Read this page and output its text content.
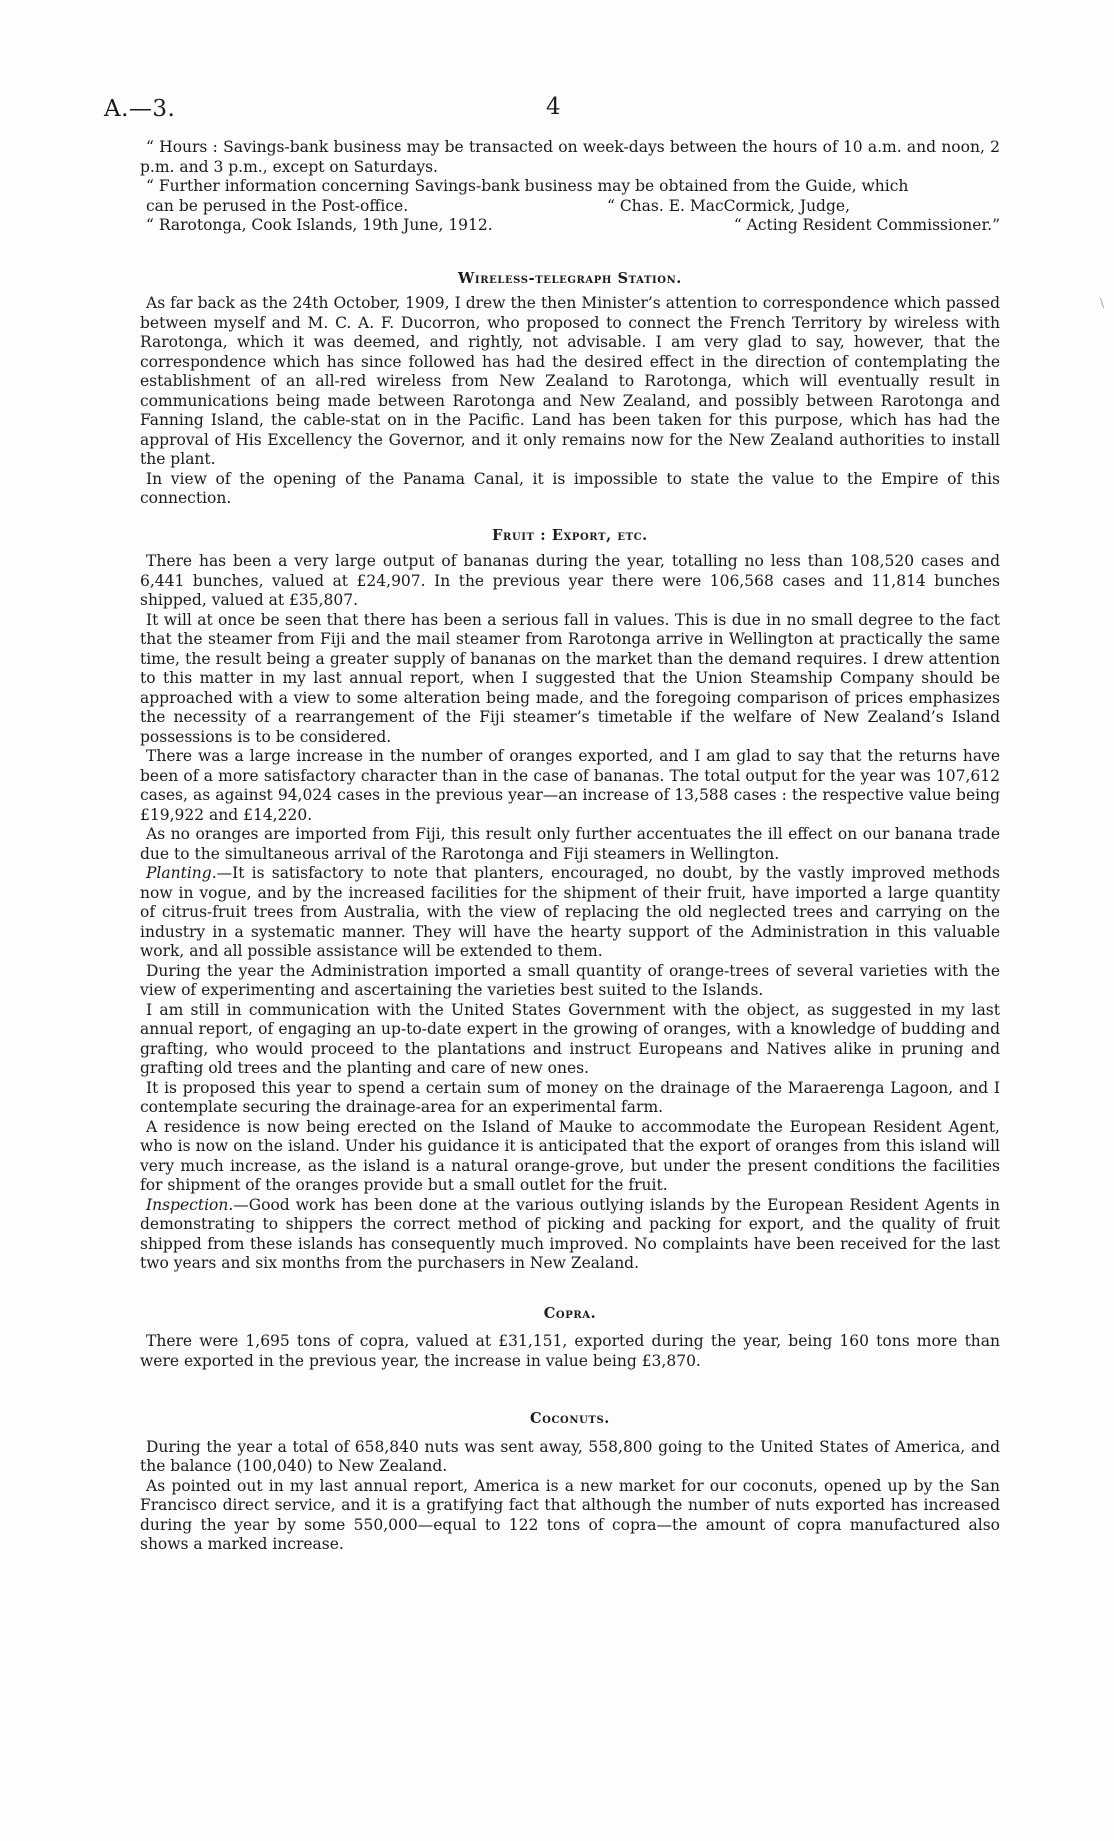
A.—3.	4
\

“ Hours : Savings-bank business may be transacted on week-days between the hours of 10 a.m. and noon, 2 p.m. and 3 p.m., except on Saturdays.

“ Further information concerning Savings-bank business may be obtained from the Guide, which

can be perused in the Post-office.	“ Chas. E. MacCormick, Judge,
“ Rarotonga, Cook Islands, 19th June, 1912.	“ Acting Resident Commissioner.”
Wireless-telegraph Station.

As far back as the 24th October, 1909, I drew the then Minister’s attention to correspondence which passed between myself and M. C. A. F. Ducorron, who proposed to connect the French Territory by wireless with Rarotonga, which it was deemed, and rightly, not advisable. I am very glad to say, however, that the correspondence which has since followed has had the desired effect in the direction of contemplating the establishment of an all-red wireless from New Zealand to Rarotonga, which will eventually result in communications being made between Rarotonga and New Zealand, and possibly between Rarotonga and Fanning Island, the cable-stat on in the Pacific. Land has been taken for this purpose, which has had the approval of His Excellency the Governor, and it only remains now for the New Zealand authorities to install the plant.

In view of the opening of the Panama Canal, it is impossible to state the value to the Empire of this connection.

Fruit : Export, etc.

There has been a very large output of bananas during the year, totalling no less than 108,520 cases and 6,441 bunches, valued at £24,907. In the previous year there were 106,568 cases and 11,814 bunches shipped, valued at £35,807.

It will at once be seen that there has been a serious fall in values. This is due in no small degree to the fact that the steamer from Fiji and the mail steamer from Rarotonga arrive in Wellington at practically the same time, the result being a greater supply of bananas on the market than the demand requires. I drew attention to this matter in my last annual report, when I suggested that the Union Steamship Company should be approached with a view to some alteration being made, and the foregoing comparison of prices emphasizes the necessity of a rearrangement of the Fiji steamer’s timetable if the welfare of New Zealand’s Island possessions is to be considered.

There was a large increase in the number of oranges exported, and I am glad to say that the returns have been of a more satisfactory character than in the case of bananas. The total output for the year was 107,612 cases, as against 94,024 cases in the previous year—an increase of 13,588 cases : the respective value being £19,922 and £14,220.

As no oranges are imported from Fiji, this result only further accentuates the ill effect on our banana trade due to the simultaneous arrival of the Rarotonga and Fiji steamers in Wellington.

Planting.—It is satisfactory to note that planters, encouraged, no doubt, by the vastly improved methods now in vogue, and by the increased facilities for the shipment of their fruit, have imported a large quantity of citrus-fruit trees from Australia, with the view of replacing the old neglected trees and carrying on the industry in a systematic manner. They will have the hearty support of the Administration in this valuable work, and all possible assistance will be extended to them.

During the year the Administration imported a small quantity of orange-trees of several varieties with the view of experimenting and ascertaining the varieties best suited to the Islands.

I am still in communication with the United States Government with the object, as suggested in my last annual report, of engaging an up-to-date expert in the growing of oranges, with a knowledge of budding and grafting, who would proceed to the plantations and instruct Europeans and Natives alike in pruning and grafting old trees and the planting and care of new ones.

It is proposed this year to spend a certain sum of money on the drainage of the Maraerenga Lagoon, and I contemplate securing the drainage-area for an experimental farm.

A residence is now being erected on the Island of Mauke to accommodate the European Resident Agent, who is now on the island. Under his guidance it is anticipated that the export of oranges from this island will very much increase, as the island is a natural orange-grove, but under the present conditions the facilities for shipment of the oranges provide but a small outlet for the fruit.

Inspection.—Good work has been done at the various outlying islands by the European Resident Agents in demonstrating to shippers the correct method of picking and packing for export, and the quality of fruit shipped from these islands has consequently much improved. No complaints have been received for the last two years and six months from the purchasers in New Zealand.

Copra.

There were 1,695 tons of copra, valued at £31,151, exported during the year, being 160 tons more than were exported in the previous year, the increase in value being £3,870.

Coconuts.

During the year a total of 658,840 nuts was sent away, 558,800 going to the United States of America, and the balance (100,040) to New Zealand.

As pointed out in my last annual report, America is a new market for our coconuts, opened up by the San Francisco direct service, and it is a gratifying fact that although the number of nuts exported has increased during the year by some 550,000—equal to 122 tons of copra—the amount of copra manufactured also shows a marked increase.
